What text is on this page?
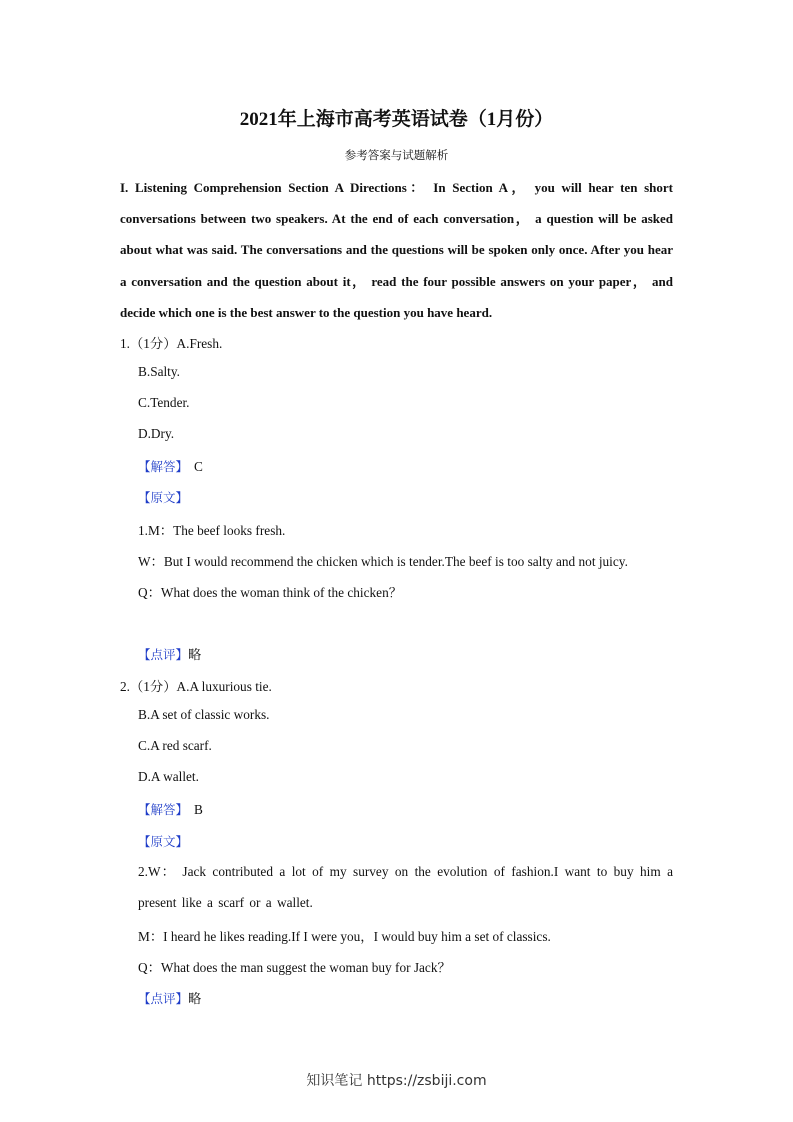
2021年上海市高考英语试卷（1月份）
参考答案与试题解析
I. Listening Comprehension Section A Directions： In Section A， you will hear ten short conversations between two speakers. At the end of each conversation， a question will be asked about what was said. The conversations and the questions will be spoken only once. After you hear a conversation and the question about it， read the four possible answers on your paper， and decide which one is the best answer to the question you have heard.
1.（1分）A.Fresh.
B.Salty.
C.Tender.
D.Dry.
【解答】 C
【原文】
1.M：The beef looks fresh.
W：But I would recommend the chicken which is tender.The beef is too salty and not juicy.
Q：What does the woman think of the chicken？
【点评】略
2.（1分）A.A luxurious tie.
B.A set of classic works.
C.A red scarf.
D.A wallet.
【解答】 B
【原文】
2.W： Jack contributed a lot of my survey on the evolution of fashion.I want to buy him a present like a scarf or a wallet.
M：I heard he likes reading.If I were you，I would buy him a set of classics.
Q：What does the man suggest the woman buy for Jack？
【点评】略
知识笔记 https://zsbiji.com
